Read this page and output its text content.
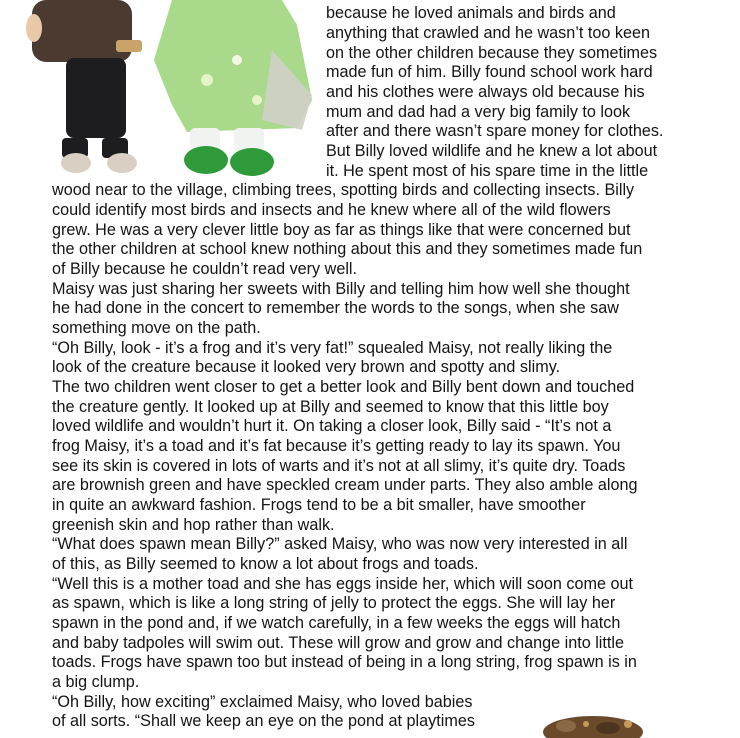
because he loved animals and birds and
anything that crawled and he wasn’t too keen
on the other children because they sometimes
made fun of him. Billy found school work hard
and his clothes were always old because his
mum and dad had a very big family to look
after and there wasn’t spare money for clothes.
But Billy loved wildlife and he knew a lot about
it. He spent most of his spare time in the little
wood near to the village, climbing trees, spotting birds and collecting insects. Billy
could identify most birds and insects and he knew where all of the wild flowers
grew. He was a very clever little boy as far as things like that were concerned but
the other children at school knew nothing about this and they sometimes made fun
of Billy because he couldn’t read very well.
Maisy was just sharing her sweets with Billy and telling him how well she thought
he had done in the concert to remember the words to the songs, when she saw
something move on the path.
“Oh Billy, look - it’s a frog and it’s very fat!” squealed Maisy, not really liking the
look of the creature because it looked very brown and spotty and slimy.
The two children went closer to get a better look and Billy bent down and touched
the creature gently. It looked up at Billy and seemed to know that this little boy
loved wildlife and wouldn’t hurt it. On taking a closer look, Billy said - “It’s not a
frog Maisy, it’s a toad and it’s fat because it’s getting ready to lay its spawn. You
see its skin is covered in lots of warts and it’s not at all slimy, it’s quite dry. Toads
are brownish green and have speckled cream under parts. They also amble along
in quite an awkward fashion. Frogs tend to be a bit smaller, have smoother
greenish skin and hop rather than walk.
“What does spawn mean Billy?” asked Maisy, who was now very interested in all
of this, as Billy seemed to know a lot about frogs and toads.
“Well this is a mother toad and she has eggs inside her, which will soon come out
as spawn, which is like a long string of jelly to protect the eggs. She will lay her
spawn in the pond and, if we watch carefully, in a few weeks the eggs will hatch
and baby tadpoles will swim out. These will grow and grow and change into little
toads. Frogs have spawn too but instead of being in a long string, frog spawn is in
a big clump.
“Oh Billy, how exciting” exclaimed Maisy, who loved babies
of all sorts. “Shall we keep an eye on the pond at playtimes
